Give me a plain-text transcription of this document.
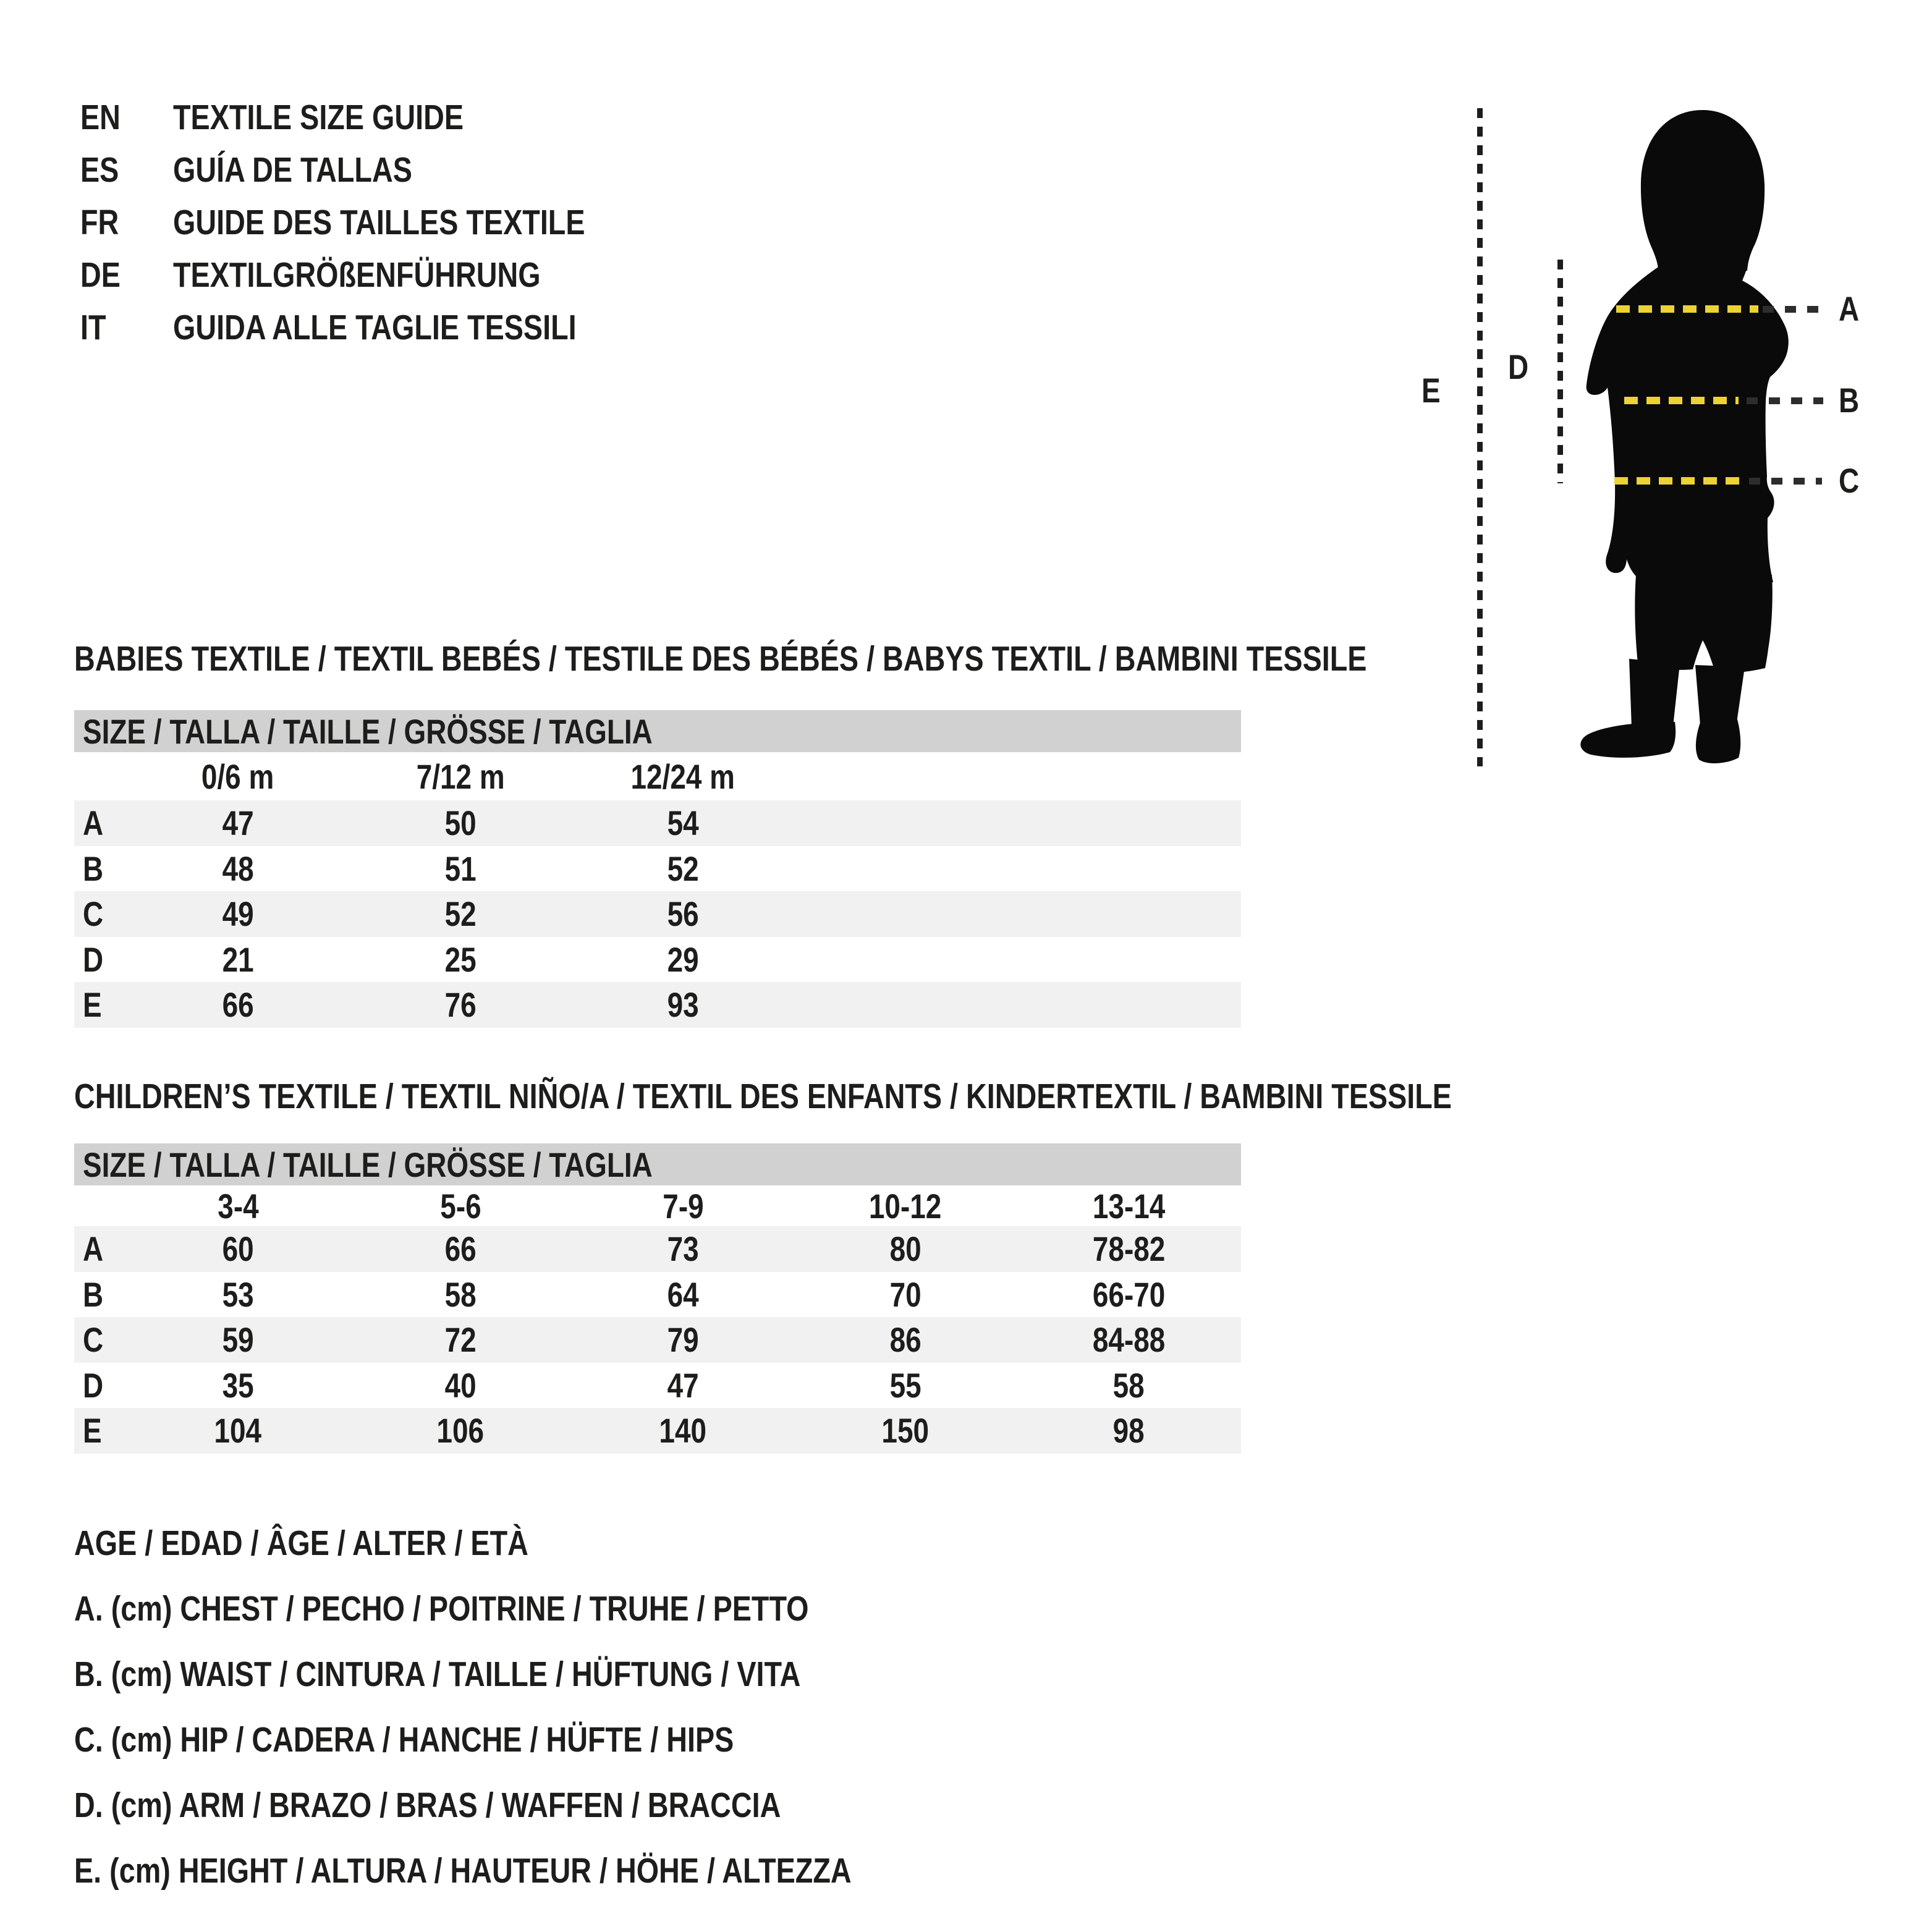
EN TEXTILE SIZE GUIDE
ES GUÍA DE TALLAS
FR GUIDE DES TAILLES TEXTILE
DE TEXTILGRÖßENFÜHRUNG
IT GUIDA ALLE TAGLIE TESSILI	A
B
C
D
E
BABIES TEXTILE / TEXTIL BEBÉS / TESTILE DES BÉBÉS / BABYS TEXTIL / BAMBINI TESSILE
SIZE / TALLA / TAILLE / GRÖSSE / TAGLIA
0/6 m	7/12 m	12/24 m
A	47	50	54
B	48	51	52
C	49	52	56
D	21	25	29
E	66	76	93
CHILDREN’S TEXTILE / TEXTIL NIÑO/A / TEXTIL DES ENFANTS / KINDERTEXTIL / BAMBINI TESSILE
SIZE / TALLA / TAILLE / GRÖSSE / TAGLIA
3-4	5-6	7-9	10-12	13-14
A	60	66	73	80	78-82
B	53	58	64	70	66-70
C	59	72	79	86	84-88
D	35	40	47	55	58
E	104	106	140	150	98
AGE / EDAD / ÂGE / ALTER / ETÀ
A. (cm) CHEST / PECHO / POITRINE / TRUHE / PETTO
B. (cm) WAIST / CINTURA / TAILLE / HÜFTUNG / VITA
C. (cm) HIP / CADERA / HANCHE / HÜFTE / HIPS
D. (cm) ARM / BRAZO / BRAS / WAFFEN / BRACCIA
E. (cm) HEIGHT / ALTURA / HAUTEUR / HÖHE / ALTEZZA
